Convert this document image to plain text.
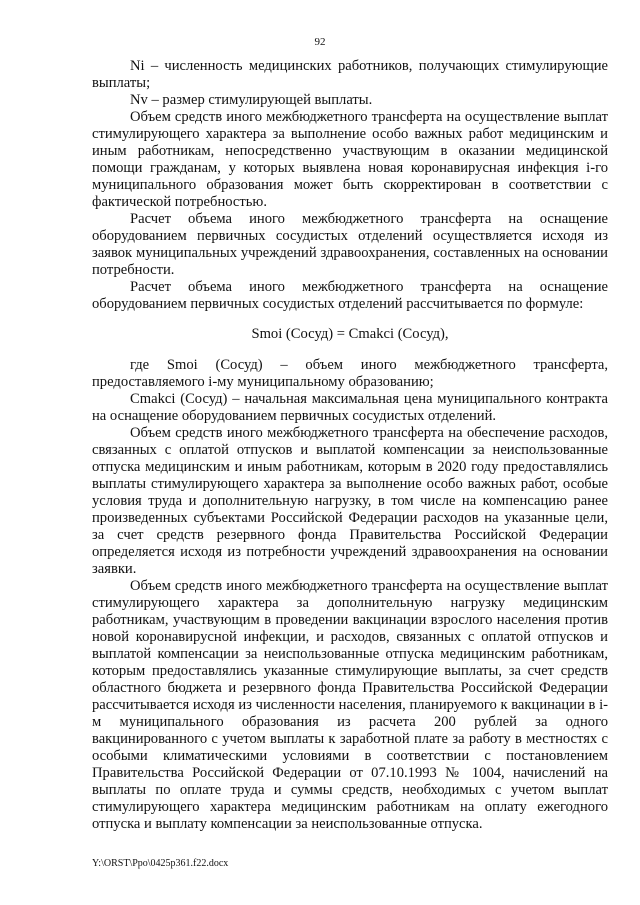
92

Ni – численность медицинских работников, получающих стимулирующие выплаты;

Nv – размер стимулирующей выплаты.

Объем средств иного межбюджетного трансферта на осуществление выплат стимулирующего характера за выполнение особо важных работ медицинским и иным работникам, непосредственно участвующим в оказании медицинской помощи гражданам, у которых выявлена новая коронавирусная инфекция i-го муниципального образования может быть скорректирован в соответствии с фактической потребностью.

Расчет объема иного межбюджетного трансферта на оснащение оборудованием первичных сосудистых отделений осуществляется исходя из заявок муниципальных учреждений здравоохранения, составленных на основании потребности.

Расчет объема иного межбюджетного трансферта на оснащение оборудованием первичных сосудистых отделений рассчитывается по формуле:

Smoi (Сосуд) = Cmakci (Сосуд),

где Smoi (Сосуд) – объем иного межбюджетного трансферта, предоставляемого i-му муниципальному образованию;

Cmakci (Сосуд) – начальная максимальная цена муниципального контракта на оснащение оборудованием первичных сосудистых отделений.

Объем средств иного межбюджетного трансферта на обеспечение расходов, связанных с оплатой отпусков и выплатой компенсации за неиспользованные отпуска медицинским и иным работникам, которым в 2020 году предоставлялись выплаты стимулирующего характера за выполнение особо важных работ, особые условия труда и дополнительную нагрузку, в том числе на компенсацию ранее произведенных субъектами Российской Федерации расходов на указанные цели, за счет средств резервного фонда Правительства Российской Федерации определяется исходя из потребности учреждений здравоохранения на основании заявки.

Объем средств иного межбюджетного трансферта на осуществление выплат стимулирующего характера за дополнительную нагрузку медицинским работникам, участвующим в проведении вакцинации взрослого населения против новой коронавирусной инфекции, и расходов, связанных с оплатой отпусков и выплатой компенсации за неиспользованные отпуска медицинским работникам, которым предоставлялись указанные стимулирующие выплаты, за счет средств областного бюджета и резервного фонда Правительства Российской Федерации рассчитывается исходя из численности населения, планируемого к вакцинации в i-м муниципального образования из расчета 200 рублей за одного вакцинированного с учетом выплаты к заработной плате за работу в местностях с особыми климатическими условиями в соответствии с постановлением Правительства Российской Федерации от 07.10.1993 № 1004, начислений на выплаты по оплате труда и суммы средств, необходимых с учетом выплат стимулирующего характера медицинским работникам на оплату ежегодного отпуска и выплату компенсации за неиспользованные отпуска.

Y:\ORST\Ppo\0425p361.f22.docx
